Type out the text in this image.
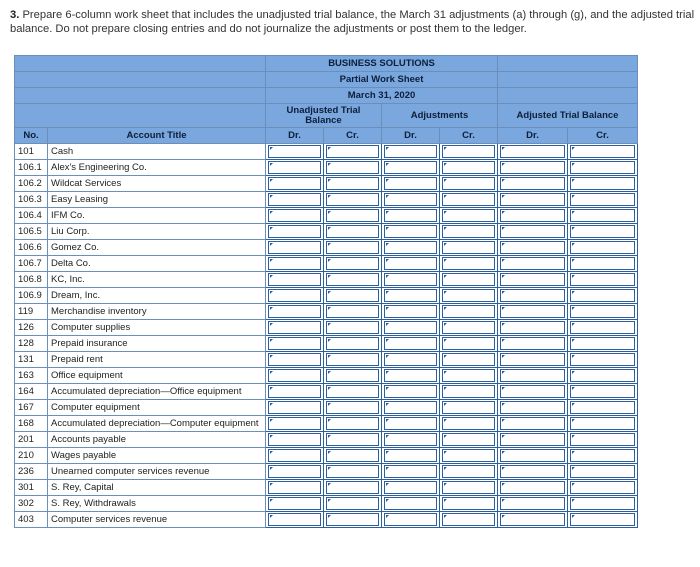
3. Prepare 6-column work sheet that includes the unadjusted trial balance, the March 31 adjustments (a) through (g), and the adjusted trial balance. Do not prepare closing entries and do not journalize the adjustments or post them to the ledger.
		BUSINESS SOLUTIONS					
		Partial Work Sheet					
		March 31, 2020					

		Unadjusted Trial
Balance		Adjustments		Adjusted Trial Balance	
No.	Account Title	Dr.	Cr.	Dr.	Cr.	Dr.	Cr.
101	Cash	

106.1	Alex's Engineering Co.	

106.2	Wildcat Services	

106.3	Easy Leasing	

106.4	IFM Co.	

106.5	Liu Corp.	

106.6	Gomez Co.	

106.7	Delta Co.	

106.8	KC, Inc.	

106.9	Dream, Inc.	

119	Merchandise inventory	

126	Computer supplies	

128	Prepaid insurance	

131	Prepaid rent	

163	Office equipment	

164	Accumulated depreciation—Office equipment	

167	Computer equipment	

168	Accumulated depreciation—Computer equipment	

201	Accounts payable	

210	Wages payable	

236	Unearned computer services revenue	

301	S. Rey, Capital	

302	S. Rey, Withdrawals	

403	Computer services revenue	
